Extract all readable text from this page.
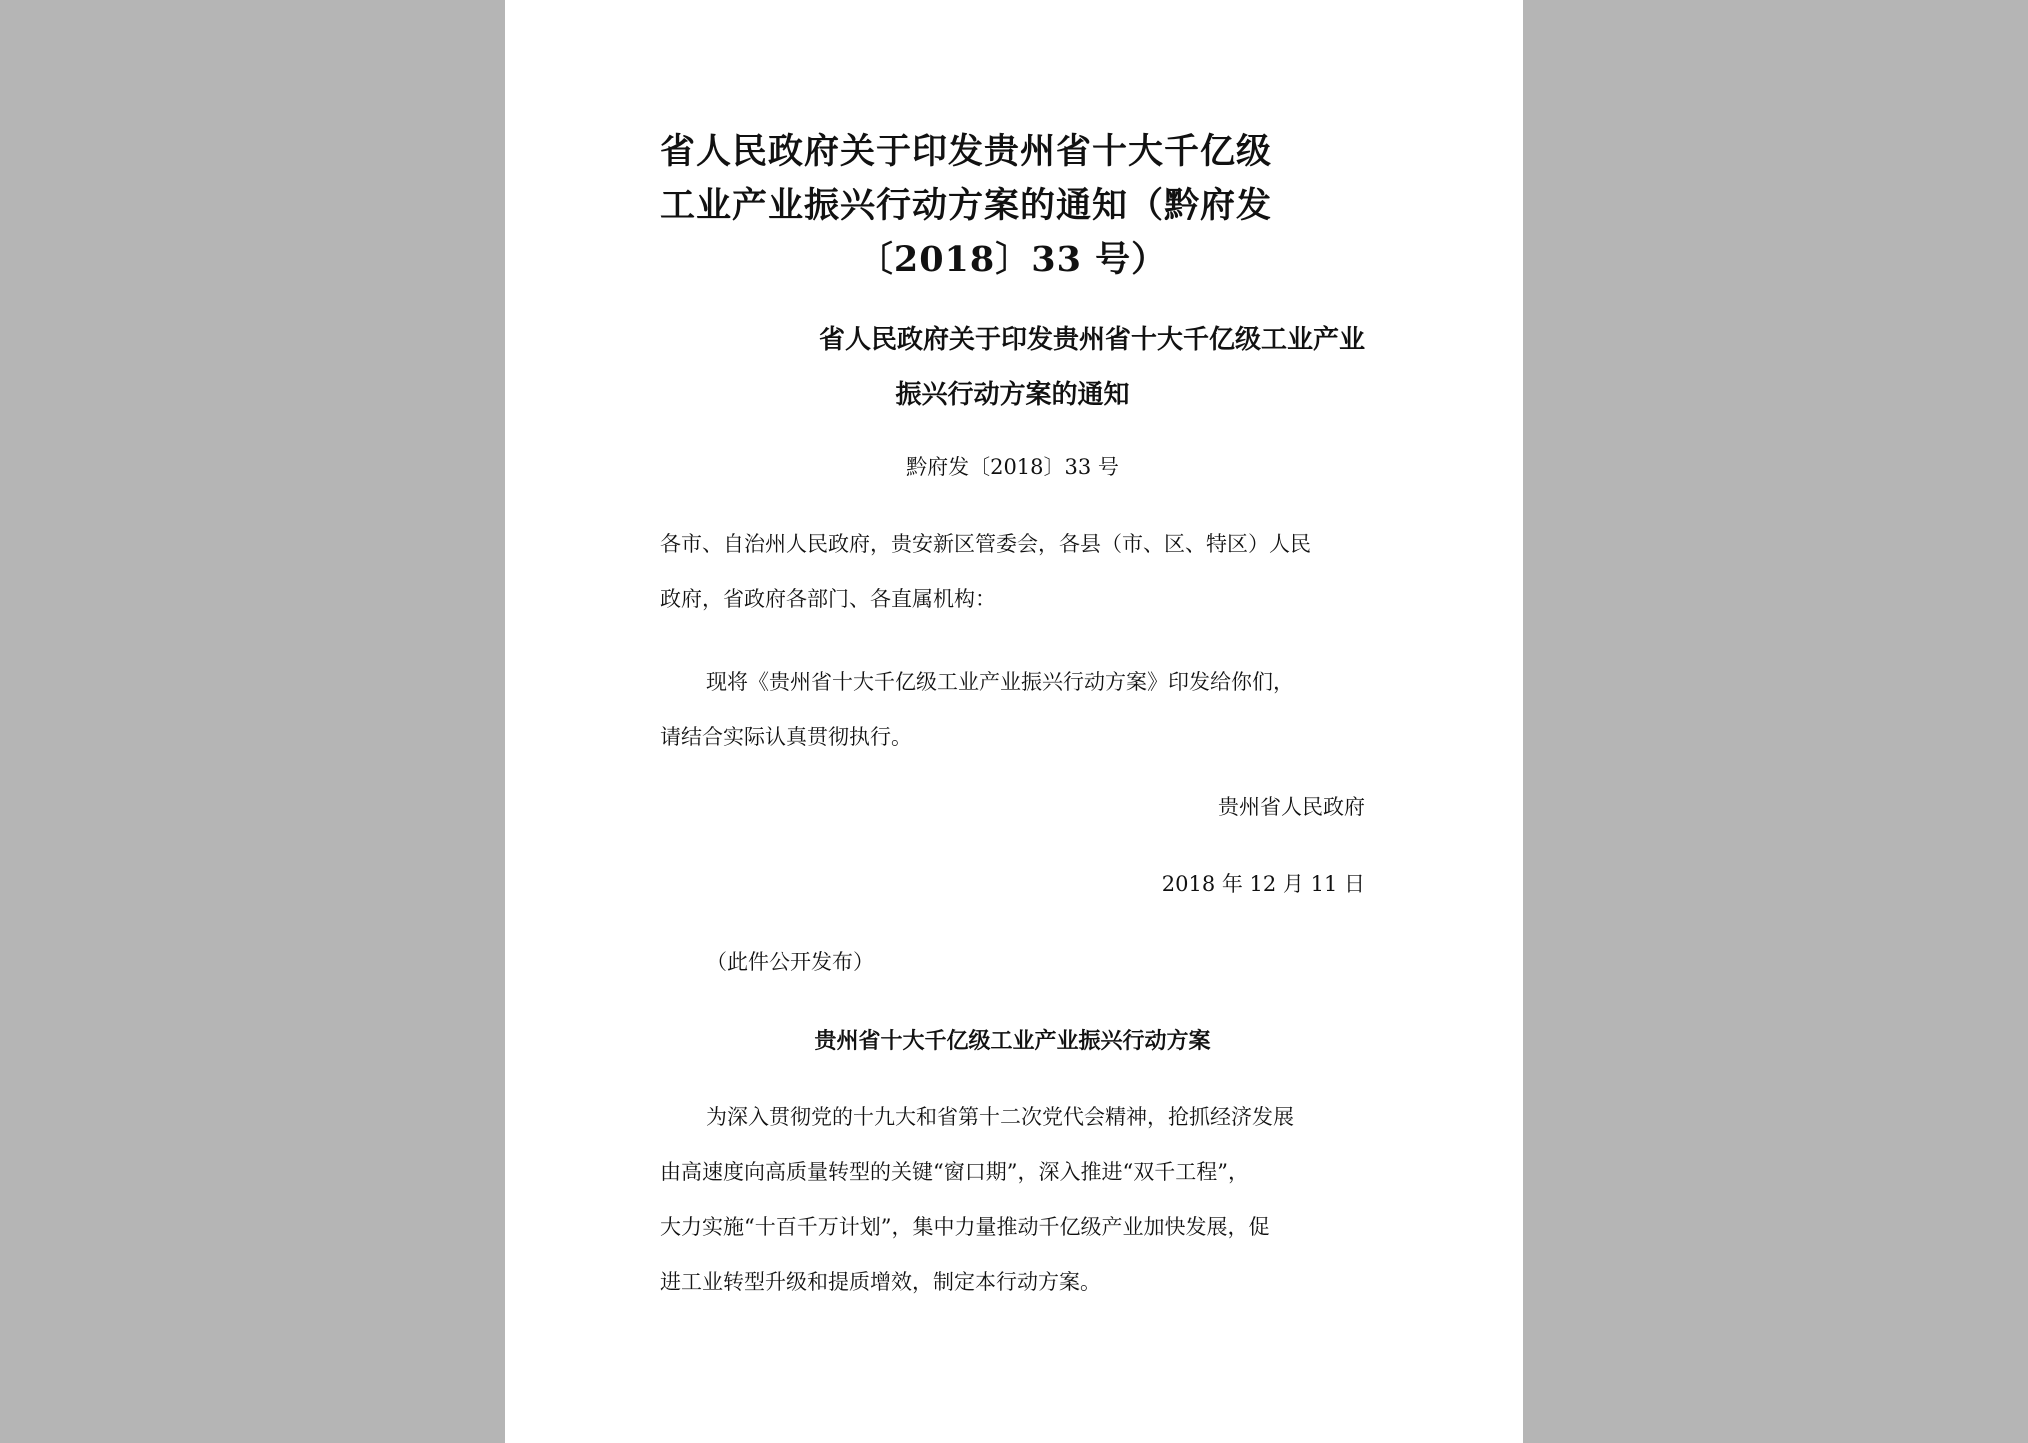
省人民政府关于印发贵州省十大千亿级
工业产业振兴行动方案的通知（黔府发
〔2018〕33 号）
省人民政府关于印发贵州省十大千亿级工业产业
振兴行动方案的通知
黔府发〔2018〕33 号
各市、自治州人民政府，贵安新区管委会，各县（市、区、特区）人民
政府，省政府各部门、各直属机构：
现将《贵州省十大千亿级工业产业振兴行动方案》印发给你们，
请结合实际认真贯彻执行。
贵州省人民政府
2018 年 12 月 11 日
（此件公开发布）
贵州省十大千亿级工业产业振兴行动方案
为深入贯彻党的十九大和省第十二次党代会精神，抢抓经济发展
由高速度向高质量转型的关键“窗口期”，深入推进“双千工程”，
大力实施“十百千万计划”，集中力量推动千亿级产业加快发展，促
进工业转型升级和提质增效，制定本行动方案。
